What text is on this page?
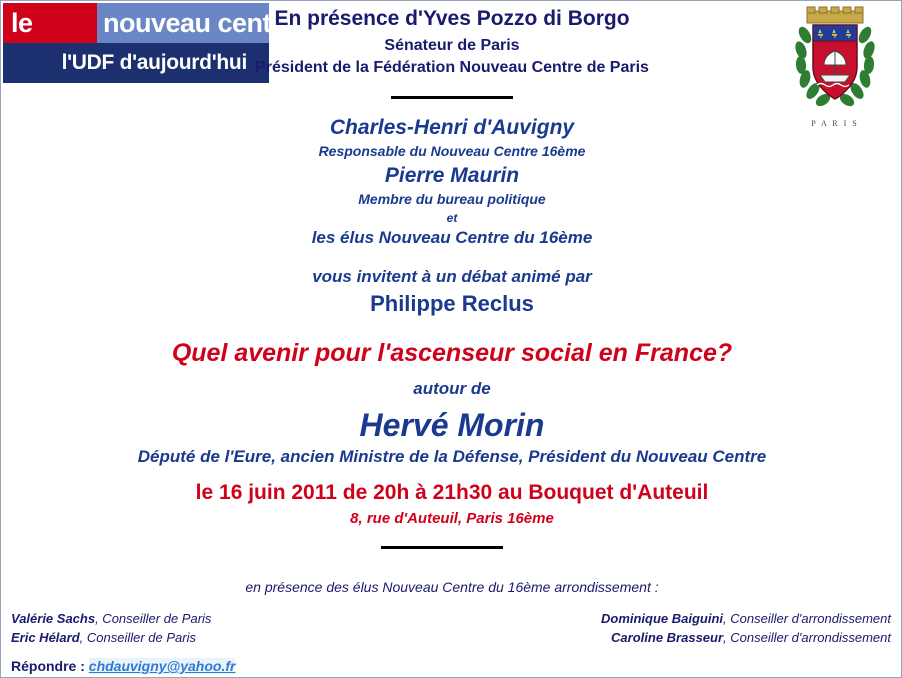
le	nouveau centre
l'UDF d'aujourd'hui
P A R I S
En présence d'Yves Pozzo di Borgo
Sénateur de Paris
Président de la Fédération Nouveau Centre de Paris
Charles-Henri d'Auvigny
Responsable du Nouveau Centre 16ème
Pierre Maurin
Membre du bureau politique
et
les élus Nouveau Centre du 16ème
vous invitent à un débat animé par
Philippe Reclus
Quel avenir pour l'ascenseur social en France?
autour de
Hervé Morin
Député de l'Eure, ancien Ministre de la Défense, Président du Nouveau Centre
le 16 juin 2011 de 20h à 21h30 au Bouquet d'Auteuil
8, rue d'Auteuil, Paris 16ème
en présence des élus Nouveau Centre du 16ème arrondissement :
Valérie Sachs, Conseiller de Paris
Eric Hélard, Conseiller de Paris
Dominique Baiguini, Conseiller d'arrondissement
Caroline Brasseur, Conseiller d'arrondissement
Répondre : chdauvigny@yahoo.fr
